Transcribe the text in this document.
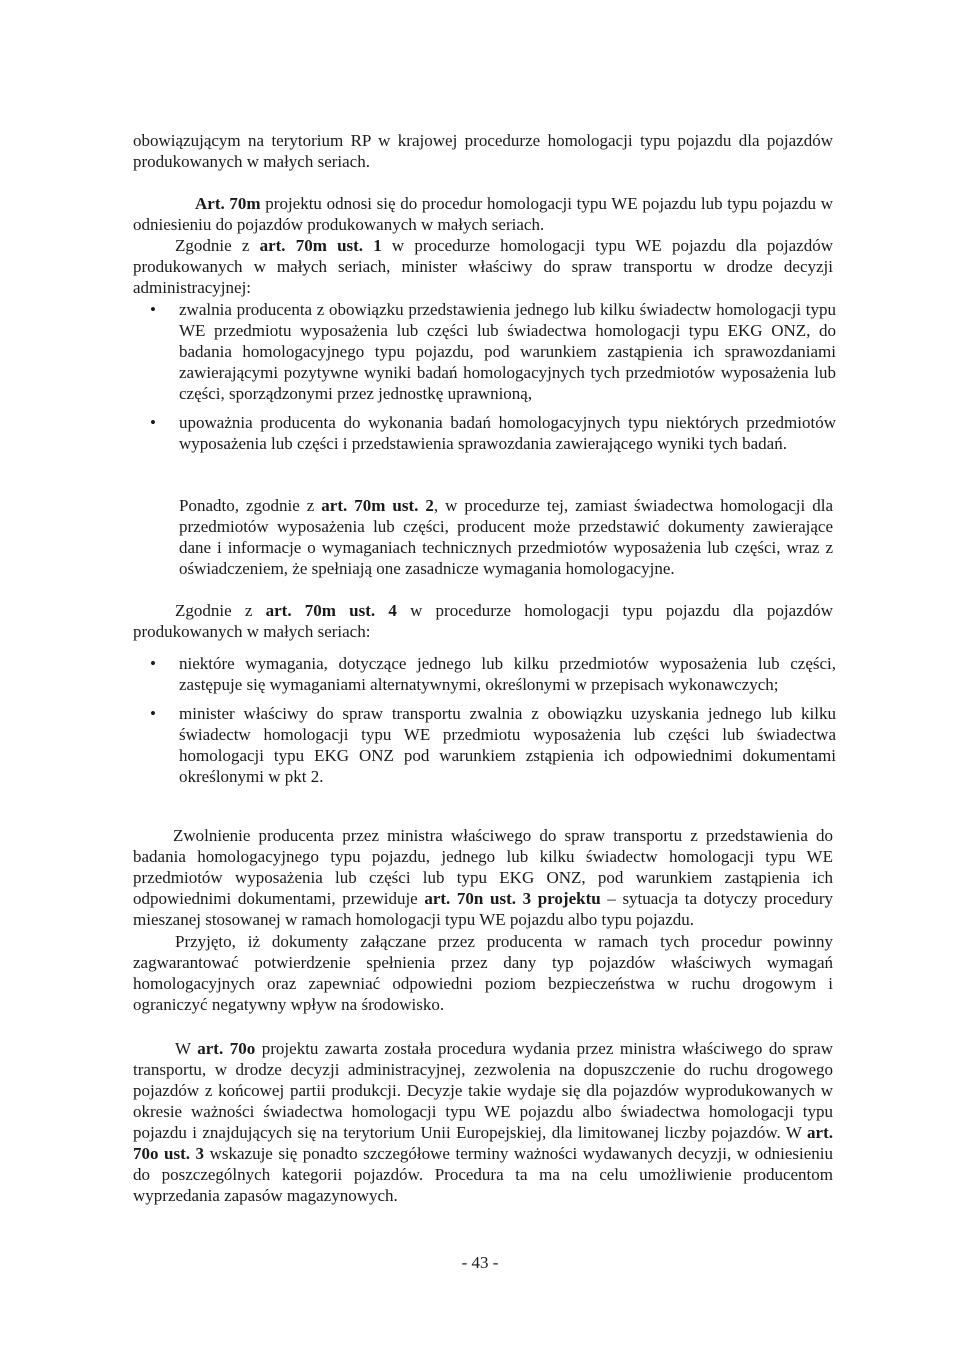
obowiązującym na terytorium RP w krajowej procedurze homologacji typu pojazdu dla pojazdów produkowanych w małych seriach.
Art. 70m projektu odnosi się do procedur homologacji typu WE pojazdu lub typu pojazdu w odniesieniu do pojazdów produkowanych w małych seriach.
Zgodnie z art. 70m ust. 1 w procedurze homologacji typu WE pojazdu dla pojazdów produkowanych w małych seriach, minister właściwy do spraw transportu w drodze decyzji administracyjnej:
• zwalnia producenta z obowiązku przedstawienia jednego lub kilku świadectw homologacji typu WE przedmiotu wyposażenia lub części lub świadectwa homologacji typu EKG ONZ, do badania homologacyjnego typu pojazdu, pod warunkiem zastąpienia ich sprawozdaniami zawierającymi pozytywne wyniki badań homologacyjnych tych przedmiotów wyposażenia lub części, sporządzonymi przez jednostkę uprawnioną,
• upoważnia producenta do wykonania badań homologacyjnych typu niektórych przedmiotów wyposażenia lub części i przedstawienia sprawozdania zawierającego wyniki tych badań.
Ponadto, zgodnie z art. 70m ust. 2, w procedurze tej, zamiast świadectwa homologacji dla przedmiotów wyposażenia lub części, producent może przedstawić dokumenty zawierające dane i informacje o wymaganiach technicznych przedmiotów wyposażenia lub części, wraz z oświadczeniem, że spełniają one zasadnicze wymagania homologacyjne.
Zgodnie z art. 70m ust. 4 w procedurze homologacji typu pojazdu dla pojazdów produkowanych w małych seriach:
• niektóre wymagania, dotyczące jednego lub kilku przedmiotów wyposażenia lub części, zastępuje się wymaganiami alternatywnymi, określonymi w przepisach wykonawczych;
• minister właściwy do spraw transportu zwalnia z obowiązku uzyskania jednego lub kilku świadectw homologacji typu WE przedmiotu wyposażenia lub części lub świadectwa homologacji typu EKG ONZ pod warunkiem zstąpienia ich odpowiednimi dokumentami określonymi w pkt 2.
Zwolnienie producenta przez ministra właściwego do spraw transportu z przedstawienia do badania homologacyjnego typu pojazdu, jednego lub kilku świadectw homologacji typu WE przedmiotów wyposażenia lub części lub typu EKG ONZ, pod warunkiem zastąpienia ich odpowiednimi dokumentami, przewiduje art. 70n ust. 3 projektu – sytuacja ta dotyczy procedury mieszanej stosowanej w ramach homologacji typu WE pojazdu albo typu pojazdu.
Przyjęto, iż dokumenty załączane przez producenta w ramach tych procedur powinny zagwarantować potwierdzenie spełnienia przez dany typ pojazdów właściwych wymagań homologacyjnych oraz zapewniać odpowiedni poziom bezpieczeństwa w ruchu drogowym i ograniczyć negatywny wpływ na środowisko.
W art. 70o projektu zawarta została procedura wydania przez ministra właściwego do spraw transportu, w drodze decyzji administracyjnej, zezwolenia na dopuszczenie do ruchu drogowego pojazdów z końcowej partii produkcji. Decyzje takie wydaje się dla pojazdów wyprodukowanych w okresie ważności świadectwa homologacji typu WE pojazdu albo świadectwa homologacji typu pojazdu i znajdujących się na terytorium Unii Europejskiej, dla limitowanej liczby pojazdów. W art. 70o ust. 3 wskazuje się ponadto szczegółowe terminy ważności wydawanych decyzji, w odniesieniu do poszczególnych kategorii pojazdów. Procedura ta ma na celu umożliwienie producentom wyprzedania zapasów magazynowych.
- 43 -
